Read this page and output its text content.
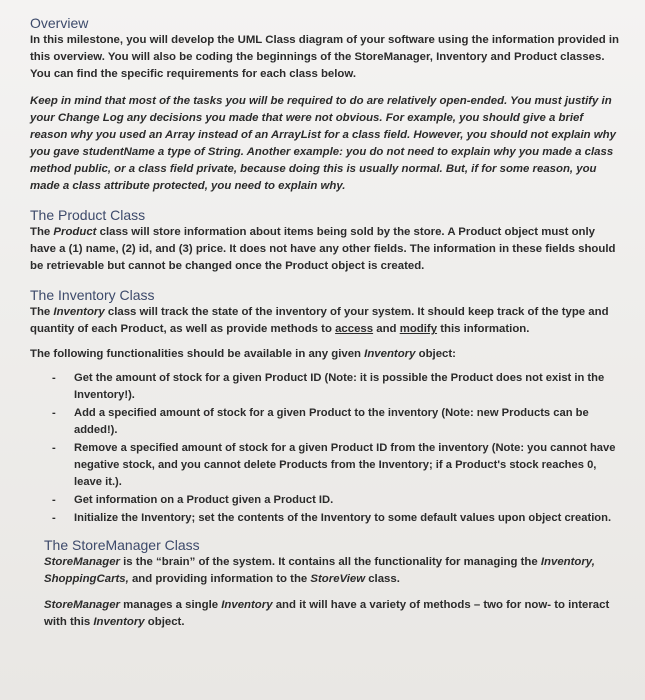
Overview

In this milestone, you will develop the UML Class diagram of your software using the information provided in this overview. You will also be coding the beginnings of the StoreManager, Inventory and Product classes. You can find the specific requirements for each class below.

Keep in mind that most of the tasks you will be required to do are relatively open-ended. You must justify in your Change Log any decisions you made that were not obvious. For example, you should give a brief reason why you used an Array instead of an ArrayList for a class field. However, you should not explain why you gave studentName a type of String. Another example: you do not need to explain why you made a class method public, or a class field private, because doing this is usually normal. But, if for some reason, you made a class attribute protected, you need to explain why.

The Product Class

The Product class will store information about items being sold by the store. A Product object must only have a (1) name, (2) id, and (3) price. It does not have any other fields. The information in these fields should be retrievable but cannot be changed once the Product object is created.

The Inventory Class

The Inventory class will track the state of the inventory of your system. It should keep track of the type and quantity of each Product, as well as provide methods to access and modify this information.

The following functionalities should be available in any given Inventory object:

-	Get the amount of stock for a given Product ID (Note: it is possible the Product does not exist in the Inventory!).
-	Add a specified amount of stock for a given Product to the inventory (Note: new Products can be added!).
-	Remove a specified amount of stock for a given Product ID from the inventory (Note: you cannot have negative stock, and you cannot delete Products from the Inventory; if a Product's stock reaches 0, leave it.).
-	Get information on a Product given a Product ID.
-	Initialize the Inventory; set the contents of the Inventory to some default values upon object creation.
The StoreManager Class

StoreManager is the “brain” of the system. It contains all the functionality for managing the Inventory, ShoppingCarts, and providing information to the StoreView class.

StoreManager manages a single Inventory and it will have a variety of methods – two for now- to interact with this Inventory object.
